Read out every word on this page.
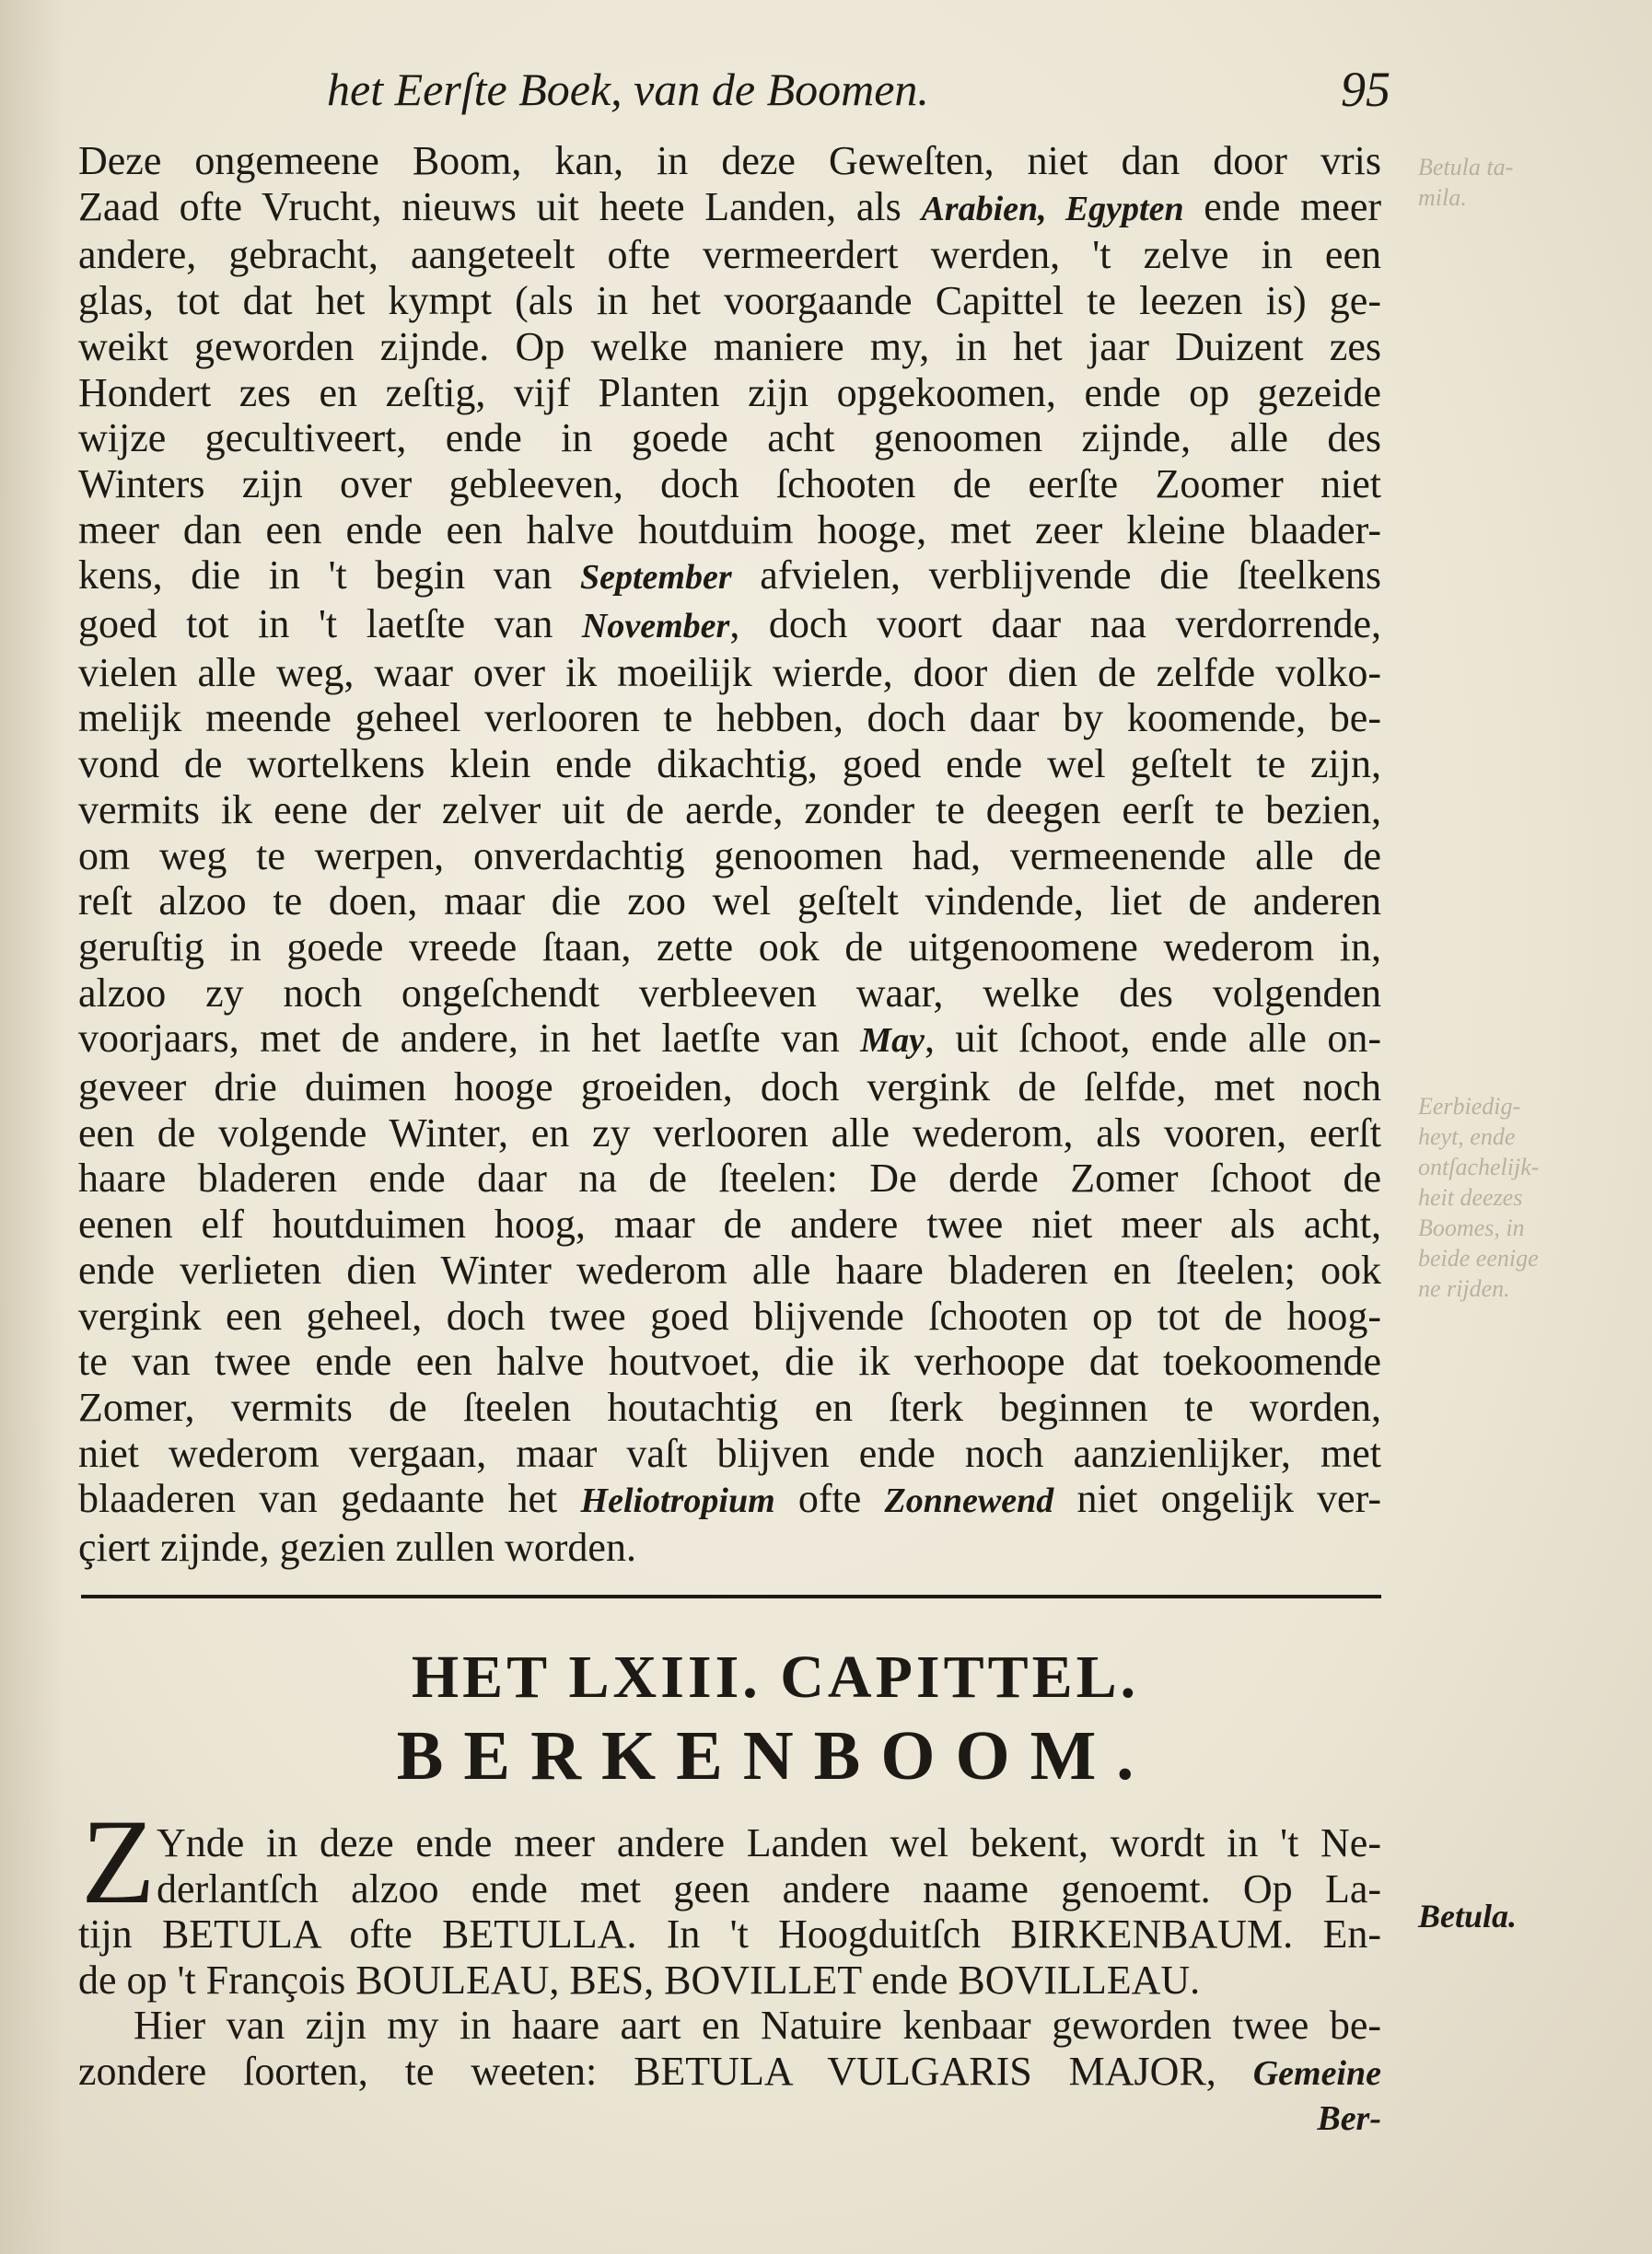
het Eerſte Boek, van de Boomen.	95
Deze ongemeene Boom, kan, in deze Geweſten, niet dan door vris
Zaad ofte Vrucht, nieuws uit heete Landen, als Arabien, Egypten ende meer
andere, gebracht, aangeteelt ofte vermeerdert werden, 't zelve in een
glas, tot dat het kympt (als in het voorgaande Capittel te leezen is) ge-
weikt geworden zijnde. Op welke maniere my, in het jaar Duizent zes
Hondert zes en zeſtig, vijf Planten zijn opgekoomen, ende op gezeide
wijze gecultiveert, ende in goede acht genoomen zijnde, alle des
Winters zijn over gebleeven, doch ſchooten de eerſte Zoomer niet
meer dan een ende een halve houtduim hooge, met zeer kleine blaader-
kens, die in 't begin van September afvielen, verblijvende die ſteelkens
goed tot in 't laetſte van November, doch voort daar naa verdorrende,
vielen alle weg, waar over ik moeilijk wierde, door dien de zelfde volko-
melijk meende geheel verlooren te hebben, doch daar by koomende, be-
vond de wortelkens klein ende dikachtig, goed ende wel geſtelt te zijn,
vermits ik eene der zelver uit de aerde, zonder te deegen eerſt te bezien,
om weg te werpen, onverdachtig genoomen had, vermeenende alle de
reſt alzoo te doen, maar die zoo wel geſtelt vindende, liet de anderen
geruſtig in goede vreede ſtaan, zette ook de uitgenoomene wederom in,
alzoo zy noch ongeſchendt verbleeven waar, welke des volgenden
voorjaars, met de andere, in het laetſte van May, uit ſchoot, ende alle on-
geveer drie duimen hooge groeiden, doch vergink de ſelfde, met noch
een de volgende Winter, en zy verlooren alle wederom, als vooren, eerſt
haare bladeren ende daar na de ſteelen: De derde Zomer ſchoot de
eenen elf houtduimen hoog, maar de andere twee niet meer als acht,
ende verlieten dien Winter wederom alle haare bladeren en ſteelen; ook
vergink een geheel, doch twee goed blijvende ſchooten op tot de hoog-
te van twee ende een halve houtvoet, die ik verhoope dat toekoomende
Zomer, vermits de ſteelen houtachtig en ſterk beginnen te worden,
niet wederom vergaan, maar vaſt blijven ende noch aanzienlijker, met
blaaderen van gedaante het Heliotropium ofte Zonnewend niet ongelijk ver-
çiert zijnde, gezien zullen worden.
HET LXIII. CAPITTEL.
BERKENBOOM.
Z Ynde in deze ende meer andere Landen wel bekent, wordt in 't Ne-
derlantſch alzoo ende met geen andere naame genoemt. Op La-
tijn BETULA ofte BETULLA. In 't Hoogduitſch BIRKENBAUM. En-
de op 't François BOULEAU, BES, BOVILLET ende BOVILLEAU.
Hier van zijn my in haare aart en Natuire kenbaar geworden twee be-
zondere ſoorten, te weeten: BETULA VULGARIS MAJOR, Gemeine
Ber-
Betula.
Betula ta-
mila.
Eerbiedig-
heyt, ende
ontſachelijk-
heit deezes
Boomes, in
beide eenige
ne rijden.
